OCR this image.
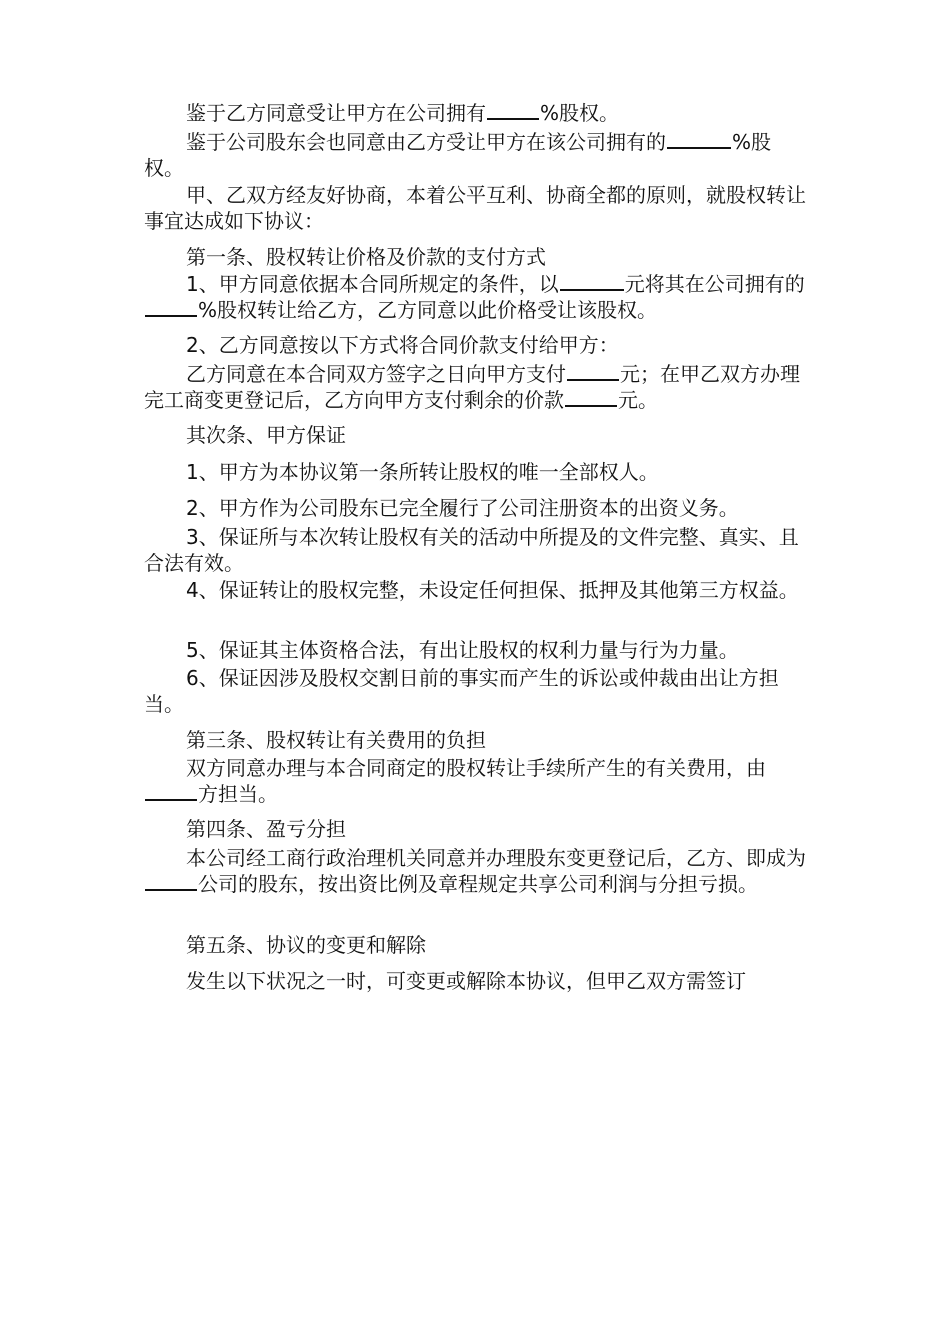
鉴于乙方同意受让甲方在公司拥有	%股权。

鉴于公司股东会也同意由乙方受让甲方在该公司拥有的	%股权。

甲、乙双方经友好协商，本着公平互利、协商全都的原则，就股权转让事宜达成如下协议：

第一条、股权转让价格及价款的支付方式

1、甲方同意依据本合同所规定的条件，以	元将其在公司拥有的%股权转让给乙方，乙方同意以此价格受让该股权。

2、乙方同意按以下方式将合同价款支付给甲方：

乙方同意在本合同双方签字之日向甲方支付	元；在甲乙双方办理完工商变更登记后，乙方向甲方支付剩余的价款	元。

其次条、甲方保证

1、甲方为本协议第一条所转让股权的唯一全部权人。

2、甲方作为公司股东已完全履行了公司注册资本的出资义务。

3、保证所与本次转让股权有关的活动中所提及的文件完整、真实、且合法有效。

4、保证转让的股权完整，未设定任何担保、抵押及其他第三方权益。

5、保证其主体资格合法，有出让股权的权利力量与行为力量。

6、保证因涉及股权交割日前的事实而产生的诉讼或仲裁由出让方担当。

第三条、股权转让有关费用的负担

双方同意办理与本合同商定的股权转让手续所产生的有关费用，由方担当。

第四条、盈亏分担

本公司经工商行政治理机关同意并办理股东变更登记后，乙方、即成为公司的股东，按出资比例及章程规定共享公司利润与分担亏损。

第五条、协议的变更和解除

发生以下状况之一时，可变更或解除本协议，但甲乙双方需签订
